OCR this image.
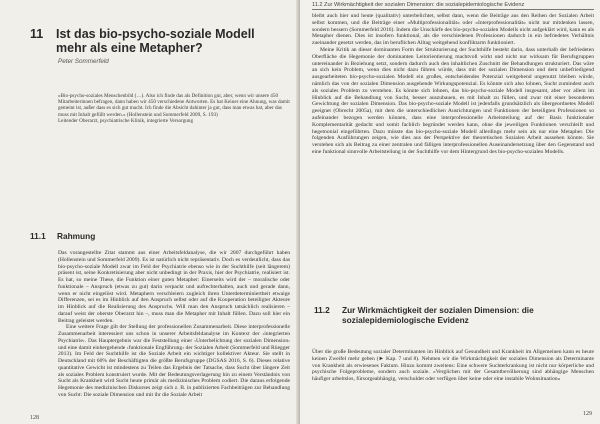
11 Ist das bio-psycho-soziale Modell mehr als eine Metapher?
Peter Sommerfeld

»Bio-psycho-soziales Menschenbild (…). Also ich finde das als Definition gut, aber, wenn wir unsere 450 Mitarbeiterinnen befragen, dann haben wir 450 verschiedene Antworten. Es hat Keiner eine Ahnung, was damit gemeint ist, außer dass es sich gut macht. Ich finde die Absicht dahinter ja gut, dass man etwas hat, aber das muss mit Inhalt gefüllt werden.« (Hollenstein und Sommerfeld 2009, S. 193)

Leitender Oberarzt, psychiatrische Klinik, integrierte Versorgung

11.1 Rahmung

Das vorangestellte Zitat stammt aus einer Arbeitsfeldanalyse, die wir 2007 durchgeführt haben (Hollenstein und Sommerfeld 2009). Es ist natürlich nicht repräsentativ. Doch es verdeutlicht, dass das bio-psycho-soziale Modell zwar im Feld der Psychiatrie ebenso wie in der Suchthilfe (seit längerem) präsent ist, seine Konkretisierung aber nicht unbedingt in der Praxis, hier der Psychiatrie, realisiert ist. Es hat, so meine These, die Funktion einer guten Metapher: Einerseits wird der – moralische oder funktionale – Anspruch (etwas zu gut) darin verpackt und aufrechterhalten, auch und gerade dann, wenn er nicht eingelöst wird. Metaphern verschleiern zugleich ihren Unterdeterminiertheit etwaige Differenzen, sei es im Hinblick auf den Anspruch selbst oder auf die Kooperation beteiligter Akteure im Hinblick auf die Realisierung des Anspruchs. Will man den Anspruch tatsächlich realisieren – darauf weist der oberste Oberarzt hin –, muss man die Metapher mit Inhalt füllen. Dazu soll hier ein Beitrag geleistet werden.

Eine weitere Frage gilt der Stellung der professionellen Zusammenarbeit. Diese interprofessionelle Zusammenarbeit interessiert uns schon in unserer Arbeitsfeldanalyse im Kontext der ›integrierten Psychiatrie‹. Das Hauptergebnis war die Feststellung einer ›Unterbelichtung der sozialen Dimension‹ und eine damit einhergehende ›funktionale Engführung‹ der Sozialen Arbeit (Sommerfeld und Rüegger 2013). Im Feld der Suchthilfe ist die Soziale Arbeit ein wichtiger kollektiver Akteur. Sie stellt in Deutschland mit 60% der Beschäftigten die größte Berufsgruppe (DGSAS 2016, S. 6). Dieses relative quantitative Gewicht ist mindestens zu Teilen das Ergebnis der Tatsache, dass Sucht über längere Zeit als soziales Problem konstruiert wurde. Mit der Bedeutungsverlagerung hin zu einem Verständnis von Sucht als Krankheit wird Sucht heute primär als medizinisches Problem codiert. Die daraus erfolgende Hegemonie des medizinischen Diskurses zeigt sich z. B. in publizierten Fachbeiträgen zur Behandlung von Sucht: Die soziale Dimension und mit ihr die Soziale Arbeit

128
11.2 Zur Wirkmächtigkeit der sozialen Dimension: die sozialepidemiologische Evidenz

bleibt auch hier und heute (qualitativ) unterbelichtet, selbst dann, wenn die Beiträge aus den Reihen der Sozialen Arbeit selbst kommen, und die Beiträge einer »Multiprofessionalität« oder »Interprofessionalität« nicht nur mitdenken lassen, sondern bessern (Sommerfeld 2016). Indem die Unschärfe des bio-psycho-sozialen Modells nicht aufgeklärt wird, kann es als Metapher dienen. Dies ist insofern funktional, als die verschiedenen Professionen dadurch in ein befriedetes Verhältnis zueinander gesetzt werden, das im beruflichen Alltag weitgehend konfliktarm funktioniert.

Meine Kritik an dieser dominanten Form der Strukturierung der Suchthilfe besteht darin, dass unterhalb der befriedeten Oberfläche die Hegemonie der dominanten Leitorientierung machtvoll wirkt und nicht nur wirksam für Berufsgruppen untereinander in Beziehung setzt, sondern dadurch auch den inhaltlichen Zuschnitt der Behandlungen strukturiert. Das wäre an sich kein Problem, wenn dies nicht dazu führen würde, dass mit der sozialen Dimension und dem unbefriedigend ausgearbeiteten bio-psycho-sozialen Modell ein großes, entscheidendes Potenzial weitgehend ungenutzt bleiben würde, nämlich das von der sozialen Dimension ausgehende Wirkungspotenzial. Es könnte sich also lohnen, Sucht zumindest auch als soziales Problem zu verstehen. Es könnte sich lohnen, das bio-psycho-soziale Modell insgesamt, aber vor allem im Hinblick auf die Behandlung von Sucht, besser auszubauen, es mit Inhalt zu füllen, und zwar mit einer besonderen Gewichtung der sozialen Dimension. Das bio-psycho-soziale Modell ist jedenfalls grundsätzlich als übergeordnetes Modell geeignet (Obrecht 2005a), mit dem die unterschiedlichen Ausrichtungen und Funktionen der beteiligten Professionen so aufeinander bezogen werden können, dass eine interprofessionelle Arbeitsteilung auf der Basis funktionaler Komplementarität gedacht und somit fachlich begründet werden kann, ohne die jeweiligen Funktionen verschleift und hegemonial eingeführten. Dazu müsste das bio-psycho-soziale Modell allerdings mehr sein als nur eine Metapher. Die folgenden Ausführungen zeigen, wie dies aus der Perspektive der theoretischen Sozialen Arbeit aussehen könnte. Sie verstehen sich als Beitrag zu einer zentralen und fälligen interprofessionellen Auseinandersetzung über den Gegenstand und eine funktional sinnvolle Arbeitsteilung in der Suchthilfe vor dem Hintergrund des bio-psycho-sozialen Modells.

11.2 Zur Wirkmächtigkeit der sozialen Dimension: die sozialepidemiologische Evidenz
Über die große Bedeutung sozialer Determinanten im Hinblick auf Gesundheit und Krankheit im Allgemeinen kann es heute keinen Zweifel mehr geben (► Kap. 7 und 8). Nehmen wir die Wirkmächtigkeit der sozialen Dimension als Determinante von Krankheit als erwiesenes Faktum. Hinzu kommt zweitens: Eine schwere Suchterkrankung ist nicht nur körperliche und psychische Folgeprobleme, sondern auch soziale. »Verglichen mit der Gesamtbevölkerung sind abhängige Menschen häufiger arbeitslos, fürsorgeabhängig, verschuldet oder verfügen über keine oder eine instabile Wohnsituation«
129
